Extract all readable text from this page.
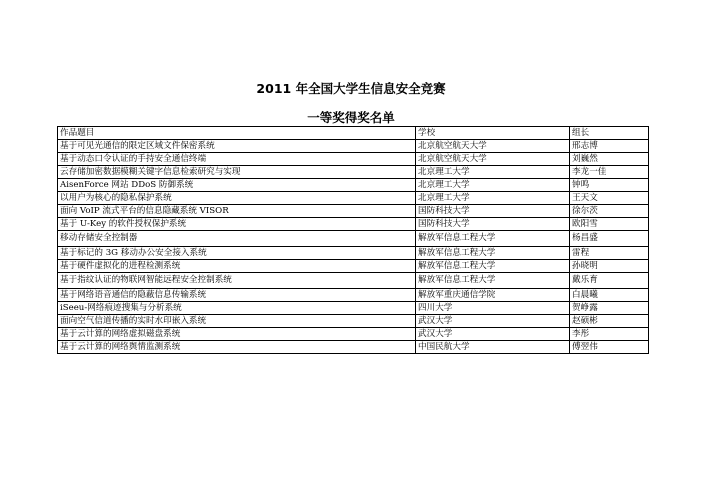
2011 年全国大学生信息安全竞赛
一等奖得奖名单
作品题目	学校	组长
基于可见光通信的限定区域文件保密系统	北京航空航天大学	邢志博
基于动态口令认证的手持安全通信终端	北京航空航天大学	刘巍然
云存储加密数据模糊关键字信息检索研究与实现	北京理工大学	李龙一佳
AisenForce 网站 DDoS 防御系统	北京理工大学	钟鸣
以用户为核心的隐私保护系统	北京理工大学	王天文
面向 VoIP 流式平台的信息隐藏系统 VISOR	国防科技大学	徐尔茨
基于 U-Key 的软件授权保护系统	国防科技大学	欧阳雪
移动存储安全控制器	解放军信息工程大学	杨昌盛
基于标记的 3G 移动办公安全接入系统	解放军信息工程大学	雷程
基于硬件虚拟化的进程检测系统	解放军信息工程大学	孙晓明
基于指纹认证的物联网智能远程安全控制系统	解放军信息工程大学	戴乐育
基于网络语音通信的隐蔽信息传输系统	解放军重庆通信学院	白晨曦
iSeeu-网络痕迹搜集与分析系统	四川大学	贺峥露
面向空气信道传播的实时水印嵌入系统	武汉大学	赵硕彬
基于云计算的网络虚拟磁盘系统	武汉大学	李彤
基于云计算的网络舆情监测系统	中国民航大学	傅翌伟
